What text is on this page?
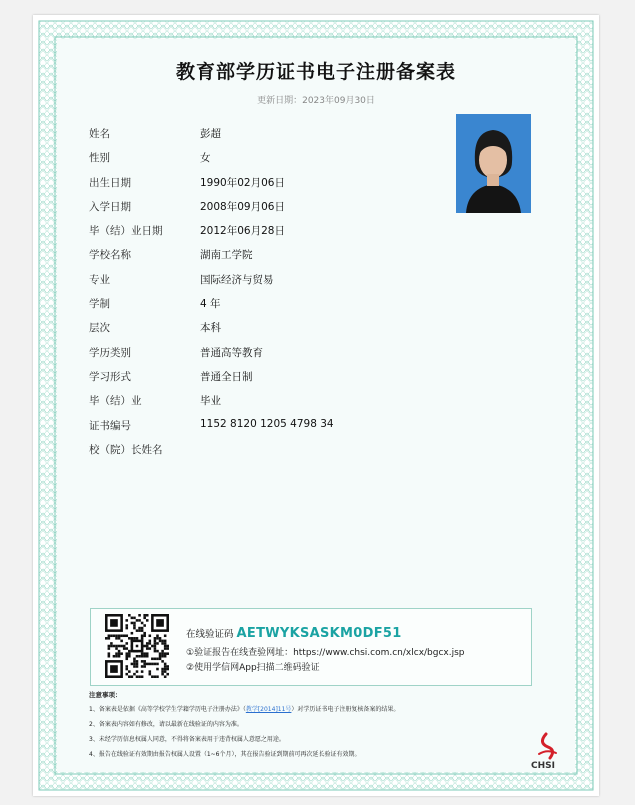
教育部学历证书电子注册备案表
更新日期：2023年09月30日
姓名	彭超
性别	女
出生日期	1990年02月06日
入学日期	2008年09月06日
毕（结）业日期	2012年06月28日
学校名称	湖南工学院
专业	国际经济与贸易
学制	4 年
层次	本科
学历类别	普通高等教育
学习形式	普通全日制
毕（结）业	毕业
证书编号	1152 8120 1205 4798 34
校（院）长姓名
在线验证码 AETWYKSASKM0DF51
①验证报告在线查验网址：https://www.chsi.com.cn/xlcx/bgcx.jsp
②使用学信网App扫描二维码验证
注意事项：
1、备案表是依据《高等学校学生学籍学历电子注册办法》（教学[2014]11号）对学历证书电子注册复核备案的结果。
2、备案表内容如有修改，请以最新在线验证的内容为准。
3、未经学历信息权属人同意，不得将备案表用于违背权属人意愿之用途。
4、报告在线验证有效期由报告权属人设置（1~6个月），其在报告验证到期前可再次延长验证有效期。
CHSI
